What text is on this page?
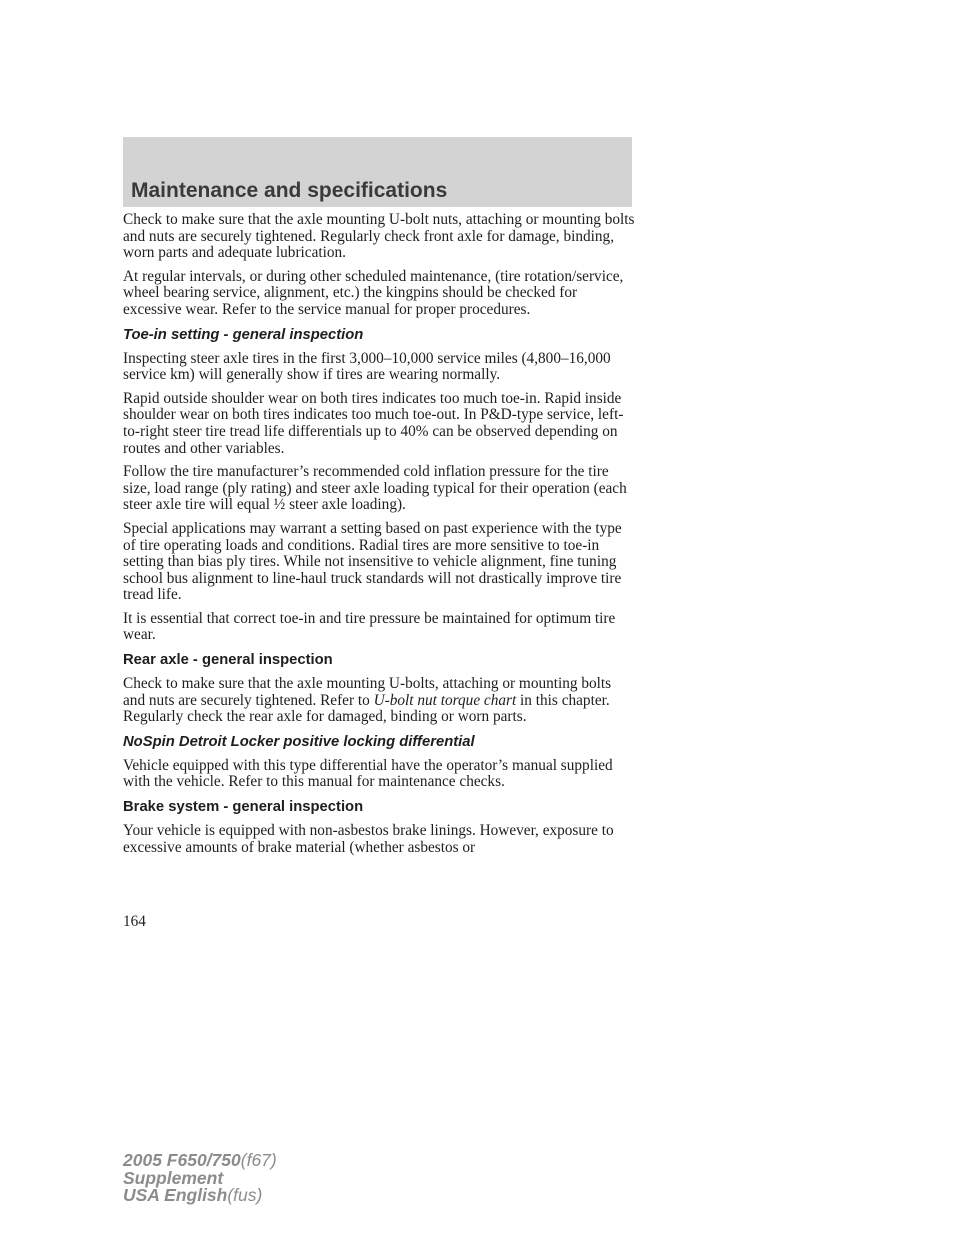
Maintenance and specifications

Check to make sure that the axle mounting U-bolt nuts, attaching or mounting bolts and nuts are securely tightened. Regularly check front axle for damage, binding, worn parts and adequate lubrication.

At regular intervals, or during other scheduled maintenance, (tire rotation/service, wheel bearing service, alignment, etc.) the kingpins should be checked for excessive wear. Refer to the service manual for proper procedures.

Toe-in setting - general inspection

Inspecting steer axle tires in the first 3,000–10,000 service miles (4,800–16,000 service km) will generally show if tires are wearing normally.

Rapid outside shoulder wear on both tires indicates too much toe-in. Rapid inside shoulder wear on both tires indicates too much toe-out. In P&D-type service, left-to-right steer tire tread life differentials up to 40% can be observed depending on routes and other variables.

Follow the tire manufacturer’s recommended cold inflation pressure for the tire size, load range (ply rating) and steer axle loading typical for their operation (each steer axle tire will equal ½ steer axle loading).

Special applications may warrant a setting based on past experience with the type of tire operating loads and conditions. Radial tires are more sensitive to toe-in setting than bias ply tires. While not insensitive to vehicle alignment, fine tuning school bus alignment to line-haul truck standards will not drastically improve tire tread life.

It is essential that correct toe-in and tire pressure be maintained for optimum tire wear.

Rear axle - general inspection

Check to make sure that the axle mounting U-bolts, attaching or mounting bolts and nuts are securely tightened. Refer to U-bolt nut torque chart in this chapter. Regularly check the rear axle for damaged, binding or worn parts.

NoSpin Detroit Locker positive locking differential

Vehicle equipped with this type differential have the operator’s manual supplied with the vehicle. Refer to this manual for maintenance checks.

Brake system - general inspection

Your vehicle is equipped with non-asbestos brake linings. However, exposure to excessive amounts of brake material (whether asbestos or

164
2005 F650/750(f67)
Supplement
USA English(fus)
